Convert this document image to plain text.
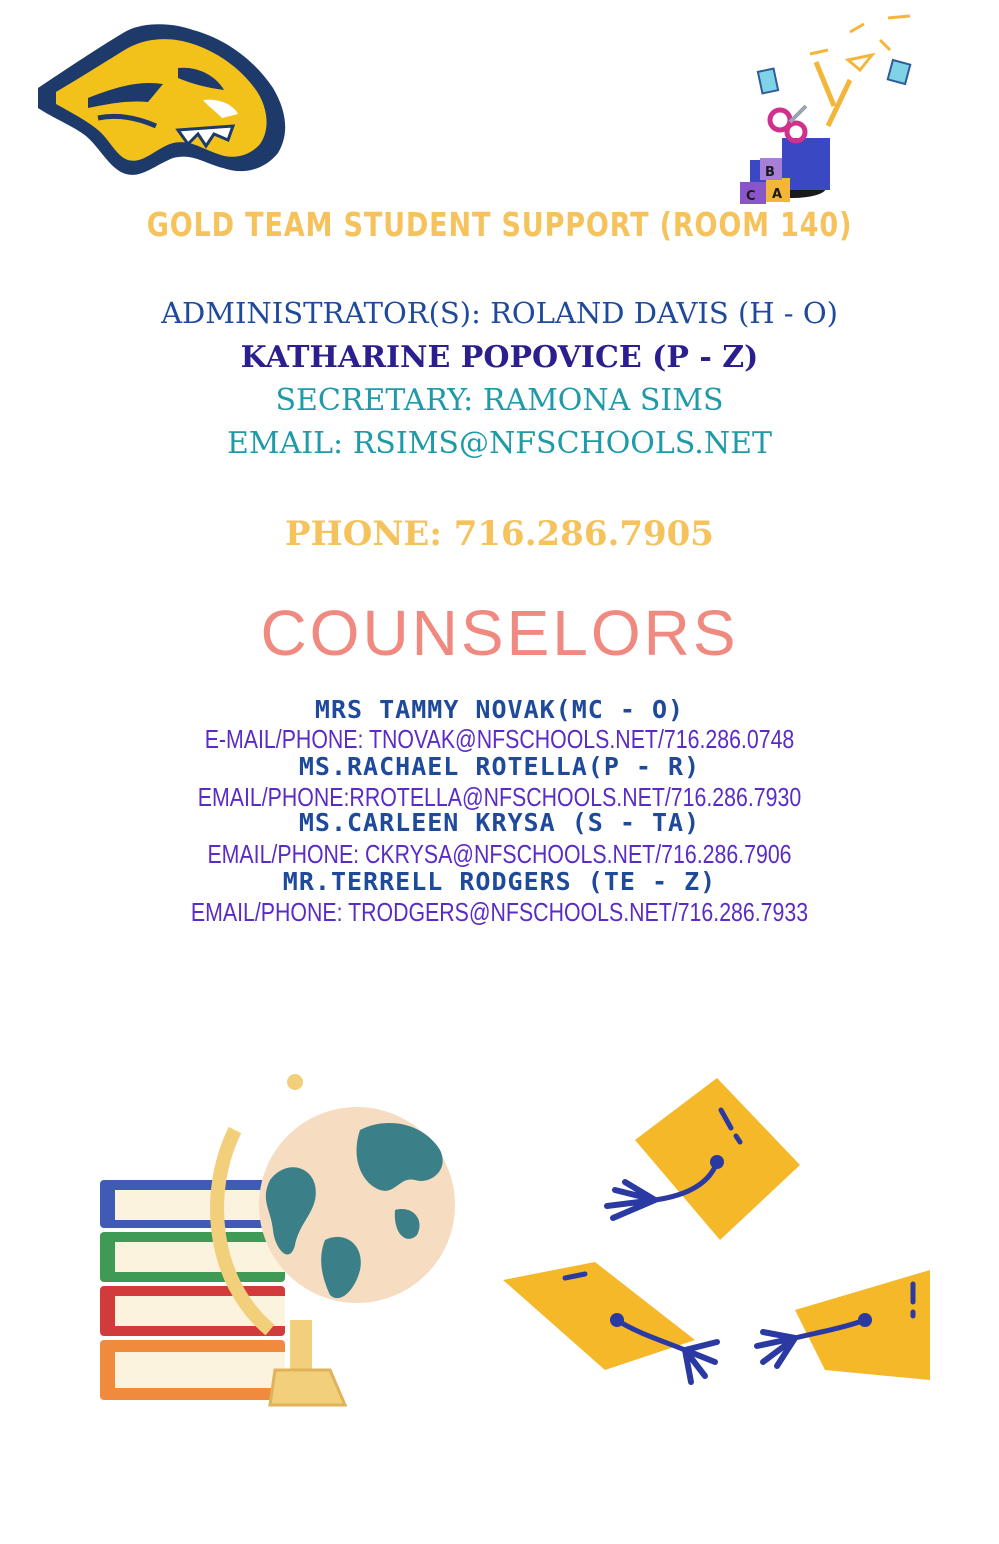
B
C A
GOLD TEAM STUDENT SUPPORT (ROOM 140)
ADMINISTRATOR(S): ROLAND DAVIS (H - O)
KATHARINE POPOVICE (P - Z)
SECRETARY: RAMONA SIMS
EMAIL: RSIMS@NFSCHOOLS.NET
PHONE: 716.286.7905
COUNSELORS
MRS TAMMY NOVAK(MC - O)
E-MAIL/PHONE: TNOVAK@NFSCHOOLS.NET/716.286.0748
MS.RACHAEL ROTELLA(P - R)
EMAIL/PHONE:RROTELLA@NFSCHOOLS.NET/716.286.7930
MS.CARLEEN KRYSA (S - TA)
EMAIL/PHONE: CKRYSA@NFSCHOOLS.NET/716.286.7906
MR.TERRELL RODGERS (TE - Z)
EMAIL/PHONE: TRODGERS@NFSCHOOLS.NET/716.286.7933
